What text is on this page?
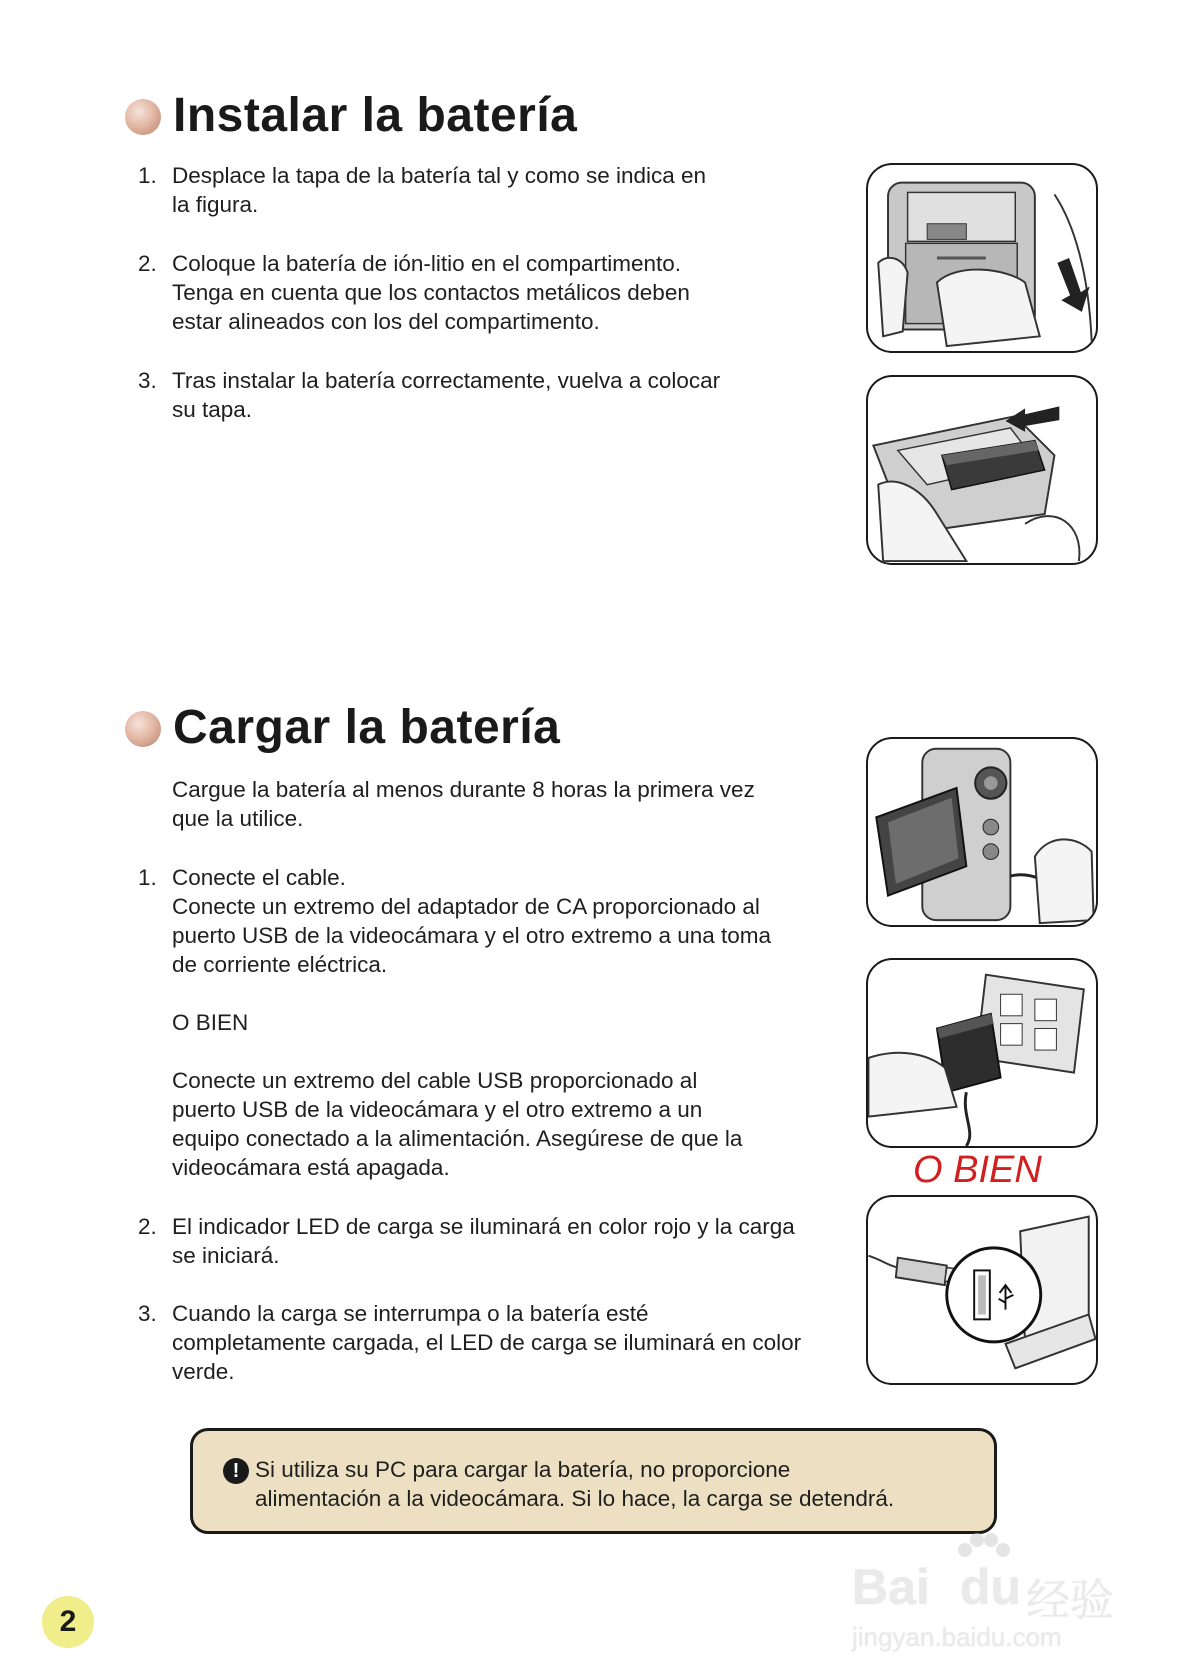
Instalar la batería
1. Desplace la tapa de la batería tal y como se indica en
la figura.
2. Coloque la batería de ión-litio en el compartimento.
Tenga en cuenta que los contactos metálicos deben
estar alineados con los del compartimento.
3. Tras instalar la batería correctamente, vuelva a colocar
su tapa.
Cargar la batería
Cargue la batería al menos durante 8 horas la primera vez
que la utilice.
1. Conecte el cable.
Conecte un extremo del adaptador de CA proporcionado al
puerto USB de la videocámara y el otro extremo a una toma
de corriente eléctrica.
O BIEN
Conecte un extremo del cable USB proporcionado al
puerto USB de la videocámara y el otro extremo a un
equipo conectado a la alimentación. Asegúrese de que la
videocámara está apagada.
2. El indicador LED de carga se iluminará en color rojo y la carga
se iniciará.
3. Cuando la carga se interrumpa o la batería esté
completamente cargada, el LED de carga se iluminará en color
verde.
O BIEN
! Si utiliza su PC para cargar la batería, no proporcione
alimentación a la videocámara. Si lo hace, la carga se detendrá.
2
Bai du 经验
jingyan.baidu.com
